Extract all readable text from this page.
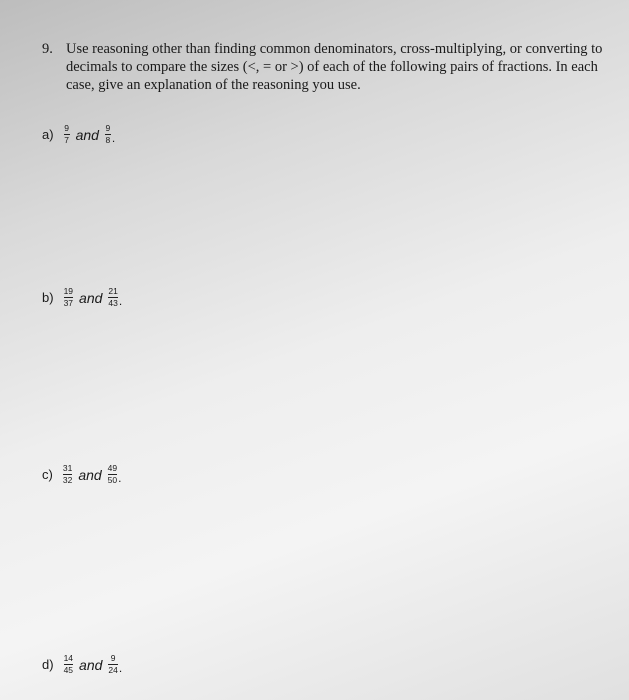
9. Use reasoning other than finding common denominators, cross-multiplying, or converting to decimals to compare the sizes (<, = or >) of each of the following pairs of fractions. In each case, give an explanation of the reasoning you use.
$a) \frac{9}{7}$ and $\frac{9}{8}$ .
$b) \frac{19}{37}$ and $\frac{21}{43}$ .
$c) \frac{31}{32}$ and $\frac{49}{50}$ .
$d) \frac{14}{45}$ and $\frac{9}{24}$ .
